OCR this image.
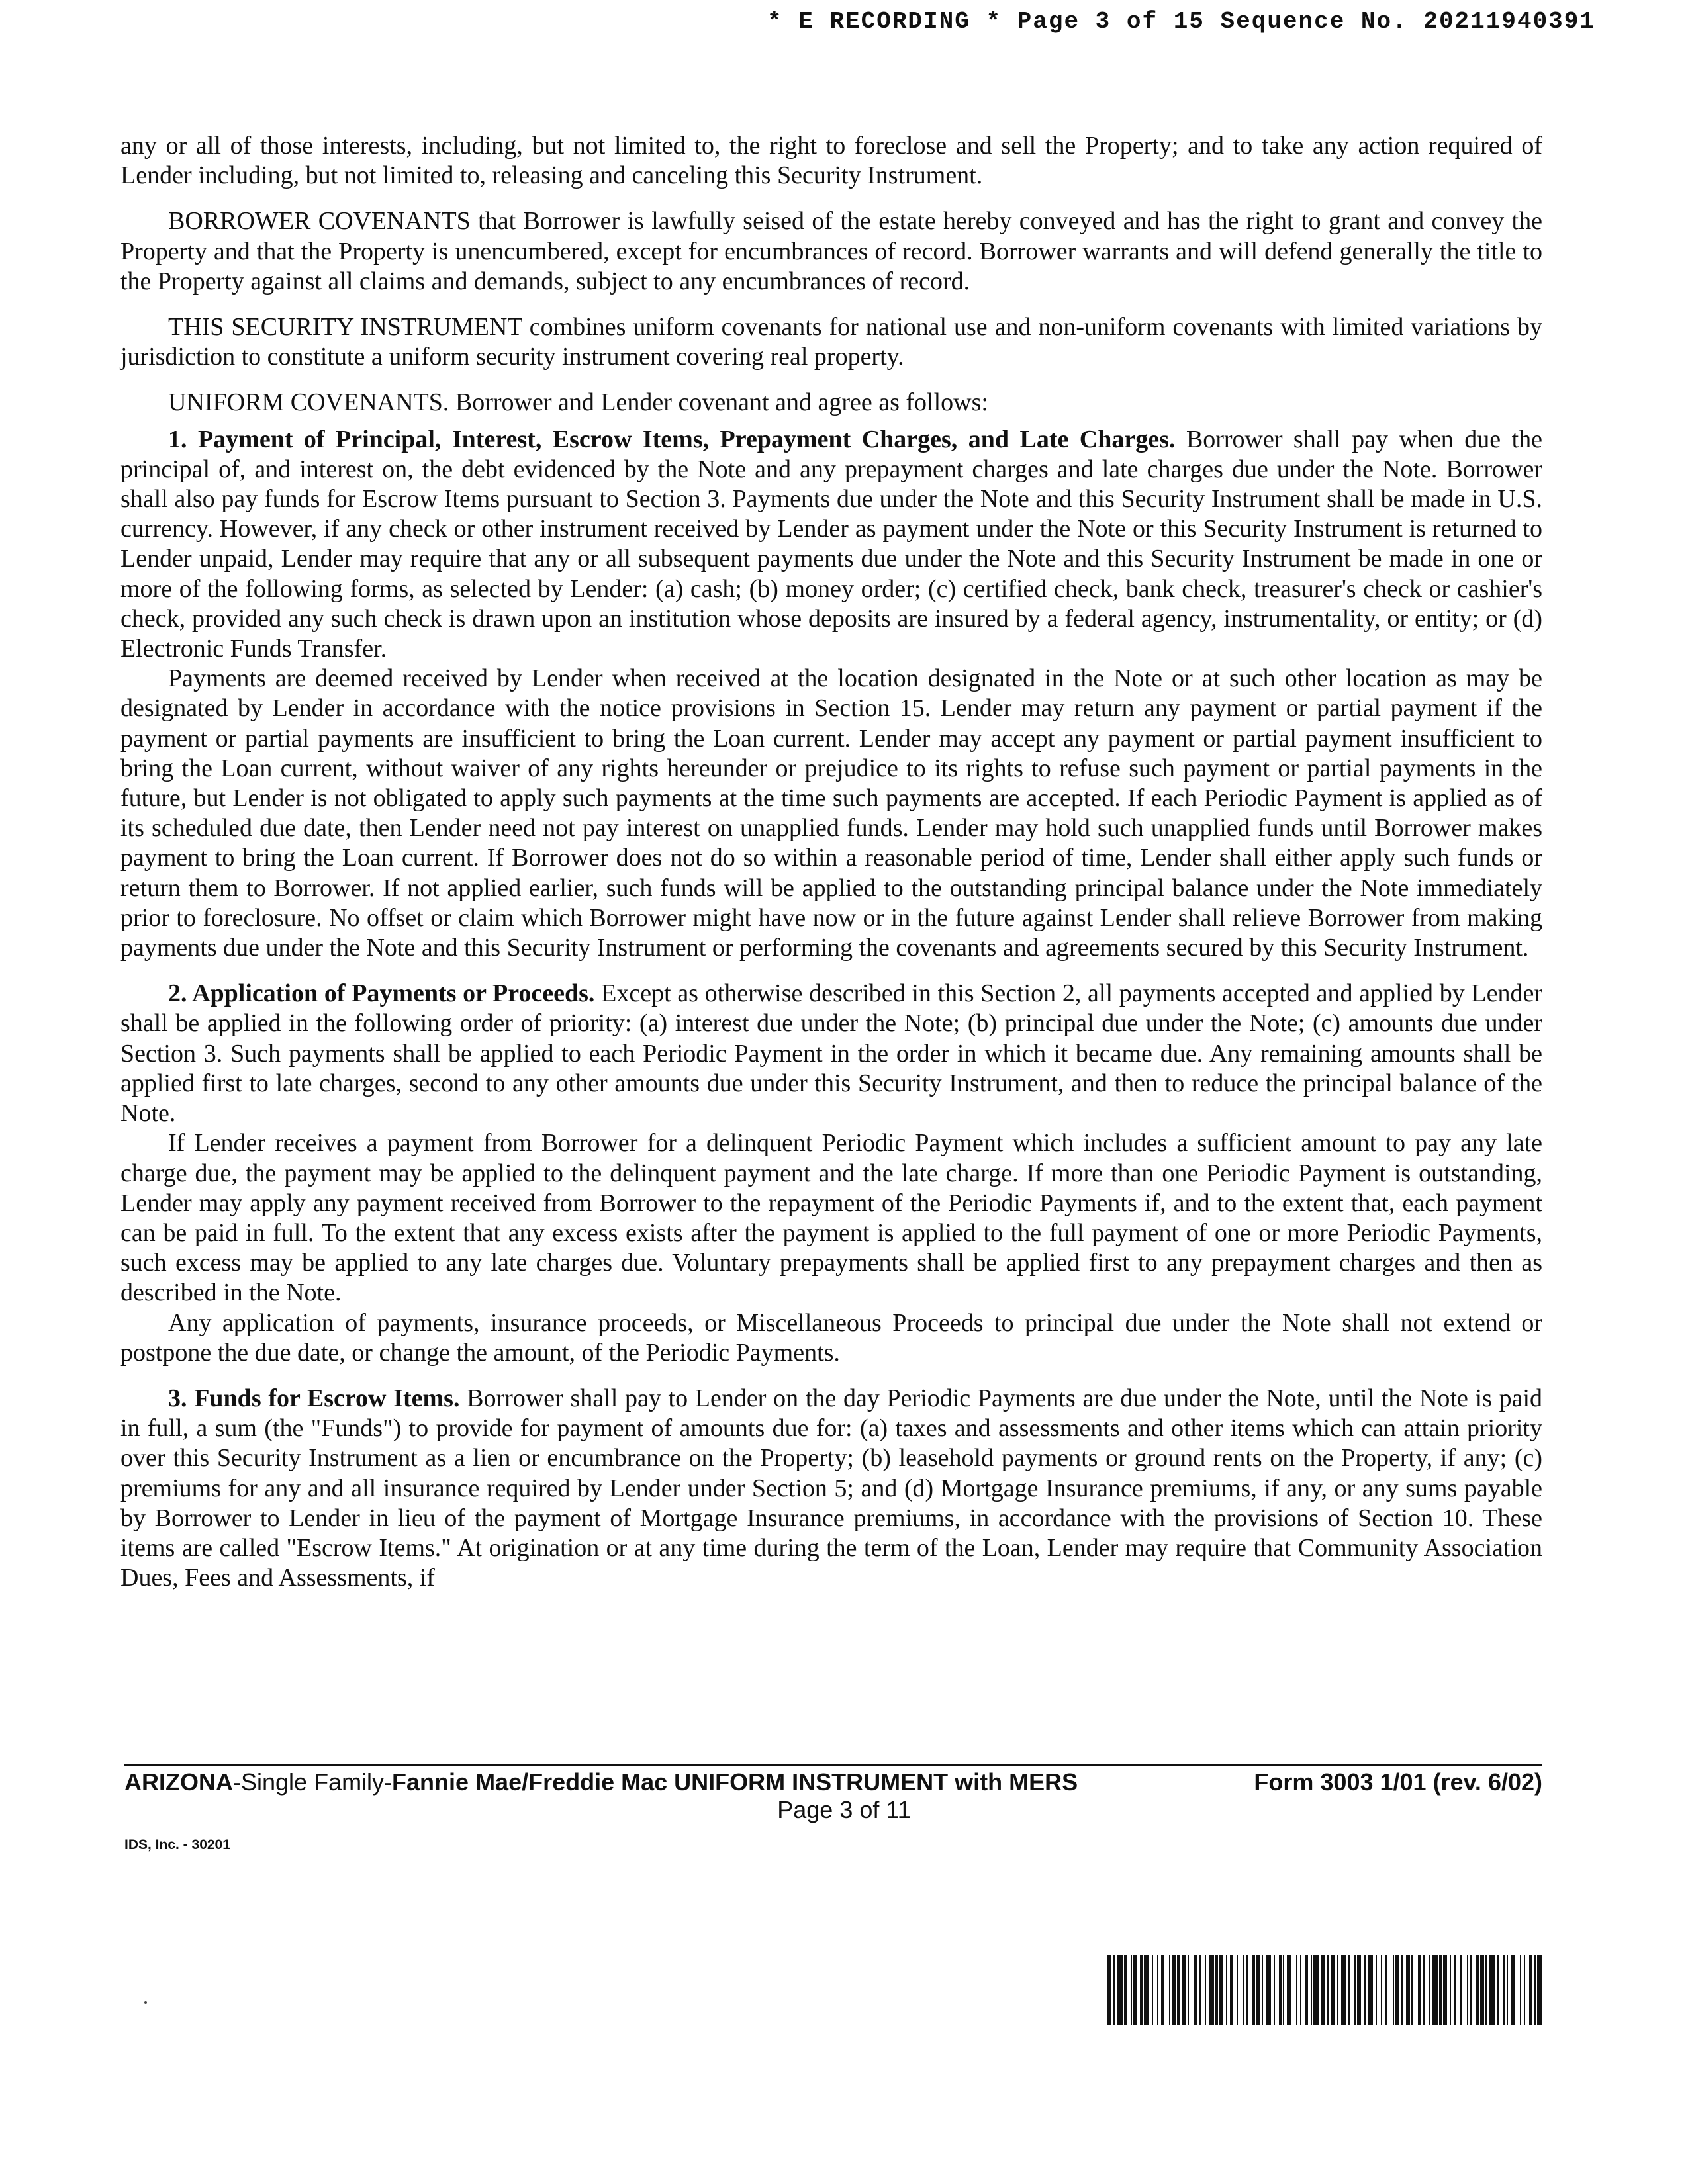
* E RECORDING * Page 3 of 15 Sequence No. 20211940391

any or all of those interests, including, but not limited to, the right to foreclose and sell the Property; and to take any action required of Lender including, but not limited to, releasing and canceling this Security Instrument.

BORROWER COVENANTS that Borrower is lawfully seised of the estate hereby conveyed and has the right to grant and convey the Property and that the Property is unencumbered, except for encumbrances of record. Borrower warrants and will defend generally the title to the Property against all claims and demands, subject to any encumbrances of record.

THIS SECURITY INSTRUMENT combines uniform covenants for national use and non-uniform covenants with limited variations by jurisdiction to constitute a uniform security instrument covering real property.

UNIFORM COVENANTS. Borrower and Lender covenant and agree as follows:

1. Payment of Principal, Interest, Escrow Items, Prepayment Charges, and Late Charges. Borrower shall pay when due the principal of, and interest on, the debt evidenced by the Note and any prepayment charges and late charges due under the Note. Borrower shall also pay funds for Escrow Items pursuant to Section 3. Payments due under the Note and this Security Instrument shall be made in U.S. currency. However, if any check or other instrument received by Lender as payment under the Note or this Security Instrument is returned to Lender unpaid, Lender may require that any or all subsequent payments due under the Note and this Security Instrument be made in one or more of the following forms, as selected by Lender: (a) cash; (b) money order; (c) certified check, bank check, treasurer's check or cashier's check, provided any such check is drawn upon an institution whose deposits are insured by a federal agency, instrumentality, or entity; or (d) Electronic Funds Transfer.

Payments are deemed received by Lender when received at the location designated in the Note or at such other location as may be designated by Lender in accordance with the notice provisions in Section 15. Lender may return any payment or partial payment if the payment or partial payments are insufficient to bring the Loan current. Lender may accept any payment or partial payment insufficient to bring the Loan current, without waiver of any rights hereunder or prejudice to its rights to refuse such payment or partial payments in the future, but Lender is not obligated to apply such payments at the time such payments are accepted. If each Periodic Payment is applied as of its scheduled due date, then Lender need not pay interest on unapplied funds. Lender may hold such unapplied funds until Borrower makes payment to bring the Loan current. If Borrower does not do so within a reasonable period of time, Lender shall either apply such funds or return them to Borrower. If not applied earlier, such funds will be applied to the outstanding principal balance under the Note immediately prior to foreclosure. No offset or claim which Borrower might have now or in the future against Lender shall relieve Borrower from making payments due under the Note and this Security Instrument or performing the covenants and agreements secured by this Security Instrument.

2. Application of Payments or Proceeds. Except as otherwise described in this Section 2, all payments accepted and applied by Lender shall be applied in the following order of priority: (a) interest due under the Note; (b) principal due under the Note; (c) amounts due under Section 3. Such payments shall be applied to each Periodic Payment in the order in which it became due. Any remaining amounts shall be applied first to late charges, second to any other amounts due under this Security Instrument, and then to reduce the principal balance of the Note.

If Lender receives a payment from Borrower for a delinquent Periodic Payment which includes a sufficient amount to pay any late charge due, the payment may be applied to the delinquent payment and the late charge. If more than one Periodic Payment is outstanding, Lender may apply any payment received from Borrower to the repayment of the Periodic Payments if, and to the extent that, each payment can be paid in full. To the extent that any excess exists after the payment is applied to the full payment of one or more Periodic Payments, such excess may be applied to any late charges due. Voluntary prepayments shall be applied first to any prepayment charges and then as described in the Note.

Any application of payments, insurance proceeds, or Miscellaneous Proceeds to principal due under the Note shall not extend or postpone the due date, or change the amount, of the Periodic Payments.

3. Funds for Escrow Items. Borrower shall pay to Lender on the day Periodic Payments are due under the Note, until the Note is paid in full, a sum (the "Funds") to provide for payment of amounts due for: (a) taxes and assessments and other items which can attain priority over this Security Instrument as a lien or encumbrance on the Property; (b) leasehold payments or ground rents on the Property, if any; (c) premiums for any and all insurance required by Lender under Section 5; and (d) Mortgage Insurance premiums, if any, or any sums payable by Borrower to Lender in lieu of the payment of Mortgage Insurance premiums, in accordance with the provisions of Section 10. These items are called "Escrow Items." At origination or at any time during the term of the Loan, Lender may require that Community Association Dues, Fees and Assessments, if

ARIZONA-Single Family-Fannie Mae/Freddie Mac UNIFORM INSTRUMENT with MERS	Form 3003 1/01 (rev. 6/02)
Page 3 of 11
IDS, Inc. - 30201
